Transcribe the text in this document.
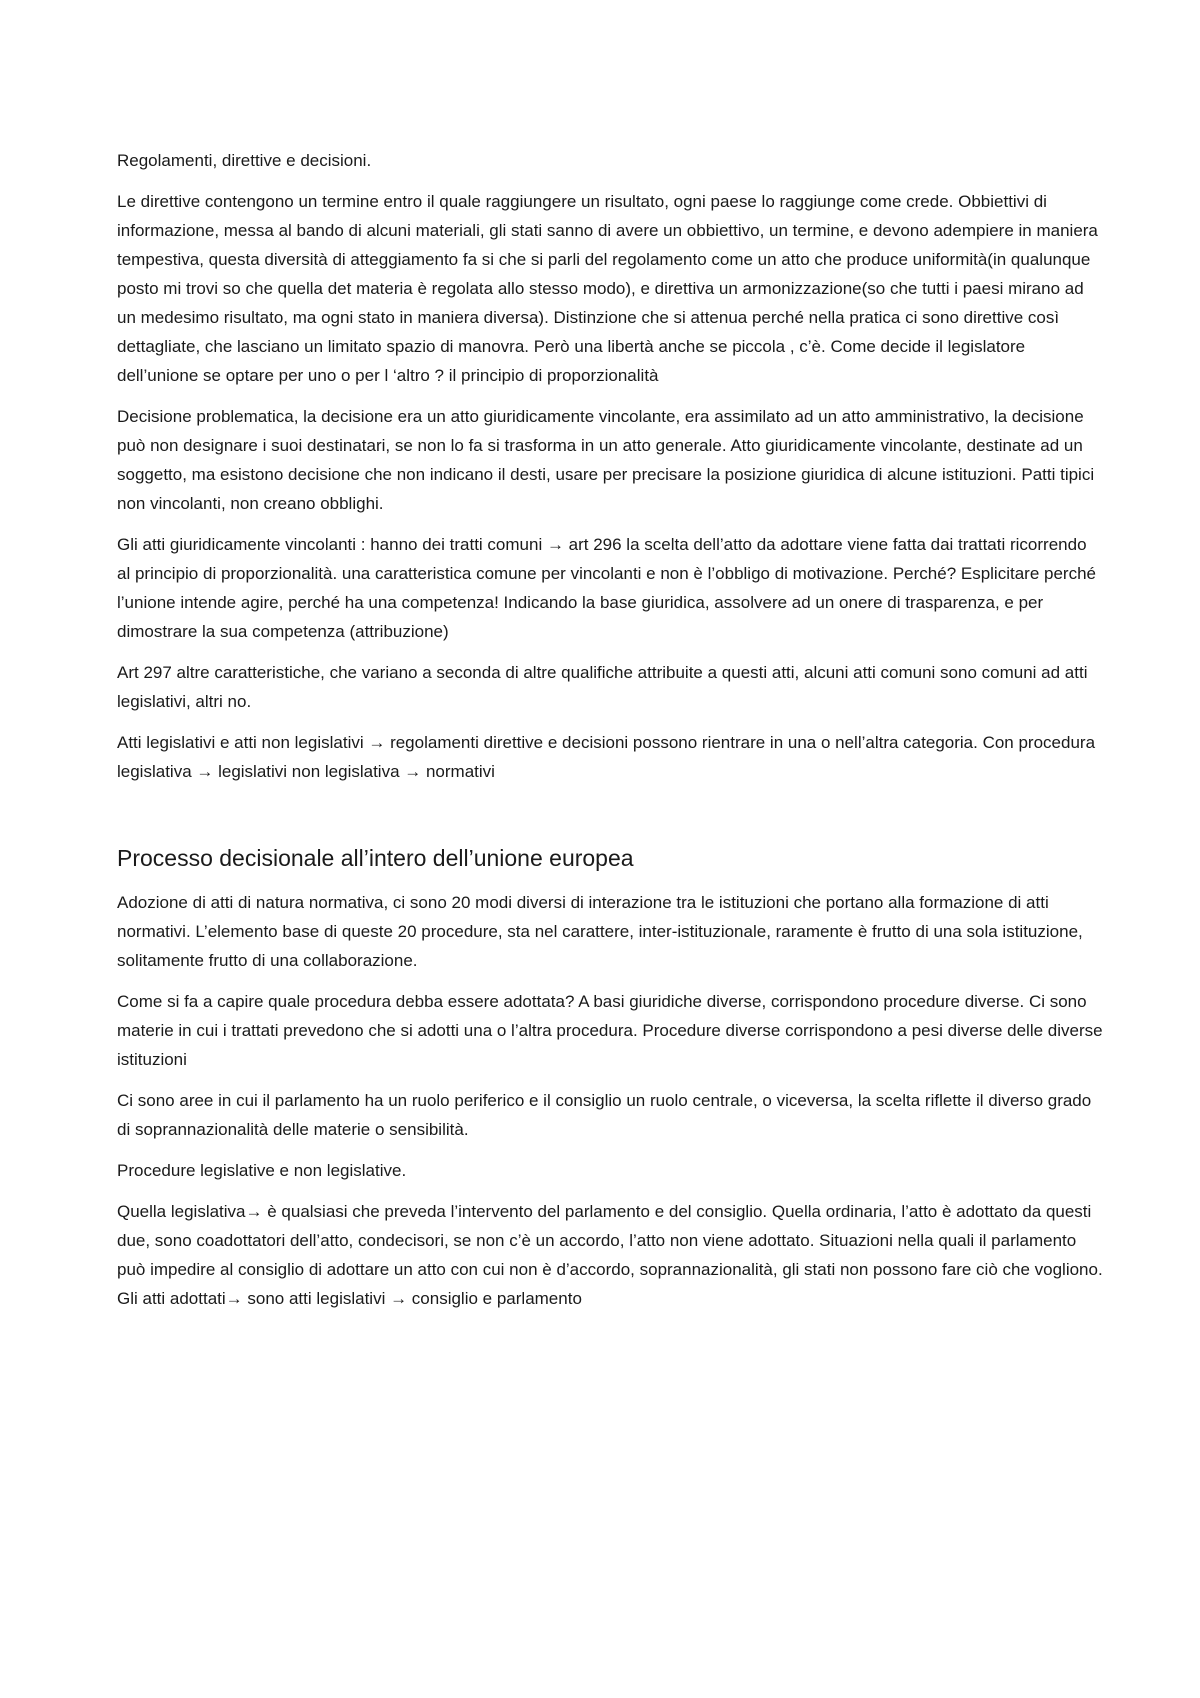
Regolamenti, direttive e decisioni.

Le direttive contengono un termine entro il quale raggiungere un risultato, ogni paese lo raggiunge come crede. Obbiettivi di informazione, messa al bando di alcuni materiali, gli stati sanno di avere un obbiettivo, un termine, e devono adempiere in maniera tempestiva, questa diversità di atteggiamento fa si che si parli del regolamento come un atto che produce uniformità(in qualunque posto mi trovi so che quella det materia è regolata allo stesso modo), e direttiva un armonizzazione(so che tutti i paesi mirano ad un medesimo risultato, ma ogni stato in maniera diversa). Distinzione che si attenua perché nella pratica ci sono direttive così dettagliate, che lasciano un limitato spazio di manovra. Però una libertà anche se piccola , c’è. Come decide il legislatore dell’unione se optare per uno o per l ‘altro ? il principio di proporzionalità

Decisione problematica, la decisione era un atto giuridicamente vincolante, era assimilato ad un atto amministrativo, la decisione può non designare i suoi destinatari, se non lo fa si trasforma in un atto generale. Atto giuridicamente vincolante, destinate ad un soggetto, ma esistono decisione che non indicano il desti, usare per precisare la posizione giuridica di alcune istituzioni. Patti tipici non vincolanti, non creano obblighi.

Gli atti giuridicamente vincolanti : hanno dei tratti comuni → art 296 la scelta dell’atto da adottare viene fatta dai trattati ricorrendo al principio di proporzionalità. una caratteristica comune per vincolanti e non è l’obbligo di motivazione. Perché? Esplicitare perché l’unione intende agire, perché ha una competenza! Indicando la base giuridica, assolvere ad un onere di trasparenza, e per dimostrare la sua competenza (attribuzione)

Art 297 altre caratteristiche, che variano a seconda di altre qualifiche attribuite a questi atti, alcuni atti comuni sono comuni ad atti legislativi, altri no.

Atti legislativi e atti non legislativi → regolamenti direttive e decisioni possono rientrare in una o nell’altra categoria. Con procedura legislativa → legislativi non legislativa → normativi

Processo decisionale all’intero dell’unione europea

Adozione di atti di natura normativa, ci sono 20 modi diversi di interazione tra le istituzioni che portano alla formazione di atti normativi. L’elemento base di queste 20 procedure, sta nel carattere, inter-istituzionale, raramente è frutto di una sola istituzione, solitamente frutto di una collaborazione.

Come si fa a capire quale procedura debba essere adottata? A basi giuridiche diverse, corrispondono procedure diverse. Ci sono materie in cui i trattati prevedono che si adotti una o l’altra procedura. Procedure diverse corrispondono a pesi diverse delle diverse istituzioni

Ci sono aree in cui il parlamento ha un ruolo periferico e il consiglio un ruolo centrale, o viceversa, la scelta riflette il diverso grado di soprannazionalità delle materie o sensibilità.

Procedure legislative e non legislative.

Quella legislativa→ è qualsiasi che preveda l’intervento del parlamento e del consiglio. Quella ordinaria, l’atto è adottato da questi due, sono coadottatori dell’atto, condecisori, se non c’è un accordo, l’atto non viene adottato. Situazioni nella quali il parlamento può impedire al consiglio di adottare un atto con cui non è d’accordo, soprannazionalità, gli stati non possono fare ciò che vogliono. Gli atti adottati→ sono atti legislativi → consiglio e parlamento
